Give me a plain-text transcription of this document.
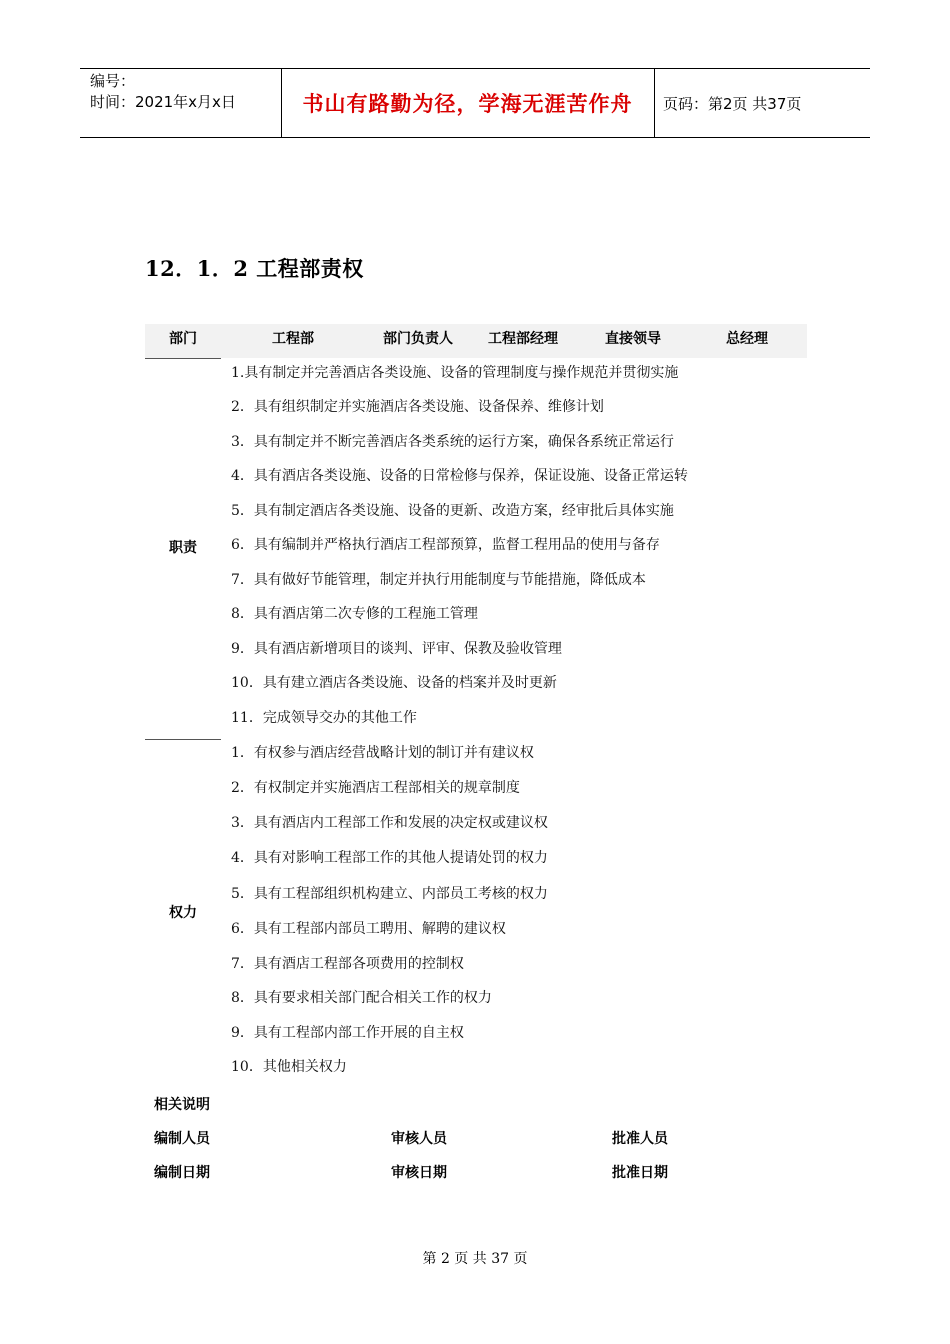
编号：
时间：2021年x月x日	书山有路勤为径，学海无涯苦作舟	页码：第2页 共37页
12．1．2 工程部责权
部门	工程部	部门负责人	工程部经理	直接领导	总经理
职责
1.具有制定并完善酒店各类设施、设备的管理制度与操作规范并贯彻实施
2．具有组织制定并实施酒店各类设施、设备保养、维修计划
3．具有制定并不断完善酒店各类系统的运行方案，确保各系统正常运行
4．具有酒店各类设施、设备的日常检修与保养，保证设施、设备正常运转
5．具有制定酒店各类设施、设备的更新、改造方案，经审批后具体实施
6．具有编制并严格执行酒店工程部预算，监督工程用品的使用与备存
7．具有做好节能管理，制定并执行用能制度与节能措施，降低成本
8．具有酒店第二次专修的工程施工管理
9．具有酒店新增项目的谈判、评审、保教及验收管理
10．具有建立酒店各类设施、设备的档案并及时更新
11．完成领导交办的其他工作
权力
1．有权参与酒店经营战略计划的制订并有建议权
2．有权制定并实施酒店工程部相关的规章制度
3．具有酒店内工程部工作和发展的决定权或建议权
4．具有对影响工程部工作的其他人提请处罚的权力
5．具有工程部组织机构建立、内部员工考核的权力
6．具有工程部内部员工聘用、解聘的建议权
7．具有酒店工程部各项费用的控制权
8．具有要求相关部门配合相关工作的权力
9．具有工程部内部工作开展的自主权
10．其他相关权力
相关说明
编制人员	审核人员	批准人员
编制日期	审核日期	批准日期
第 2 页 共 37 页
